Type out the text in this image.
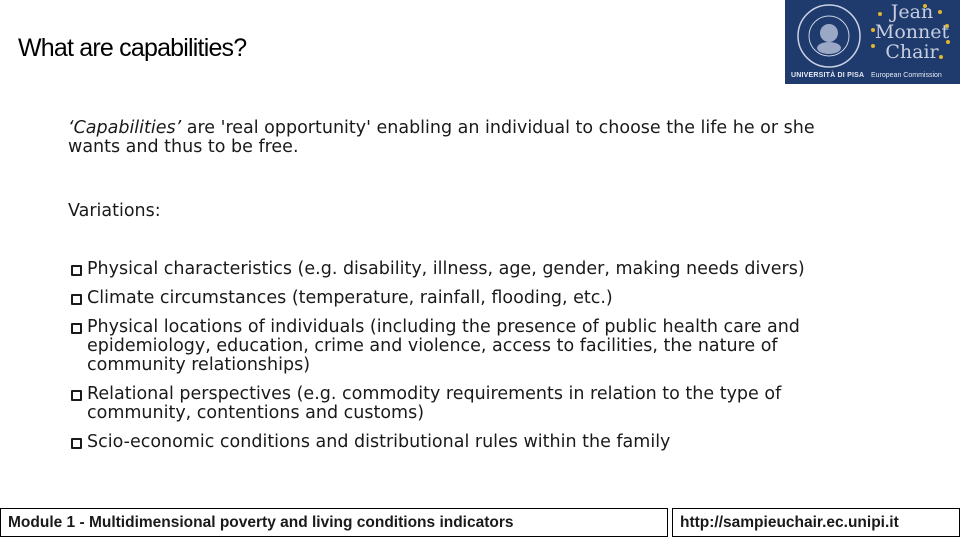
What are capabilities?
Jean
Monnet
Chair
UNIVERSITÀ DI PISA European Commission

‘Capabilities’ are 'real opportunity' enabling an individual to choose the life he or she wants and thus to be free.

Variations:

Physical characteristics (e.g. disability, illness, age, gender, making needs divers)
Climate circumstances (temperature, rainfall, flooding, etc.)
Physical locations of individuals (including the presence of public health care and epidemiology, education, crime and violence, access to facilities, the nature of community relationships)
Relational perspectives (e.g. commodity requirements in relation to the type of community, contentions and customs)
Scio-economic conditions and distributional rules within the family
Module 1 - Multidimensional poverty and living conditions indicators	http://sampieuchair.ec.unipi.it
